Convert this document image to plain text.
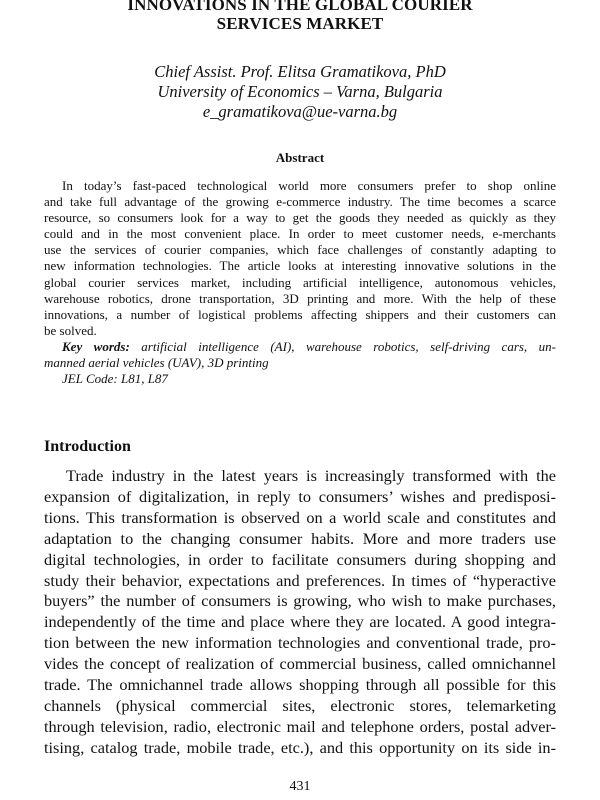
INNOVATIONS IN THE GLOBAL COURIER
SERVICES MARKET
Chief Assist. Prof. Elitsa Gramatikova, PhD
University of Economics – Varna, Bulgaria
e_gramatikova@ue-varna.bg
Abstract
In today’s fast-paced technological world more consumers prefer to shop online
and take full advantage of the growing e-commerce industry. The time becomes a scarce
resource, so consumers look for a way to get the goods they needed as quickly as they
could and in the most convenient place. In order to meet customer needs, e-merchants
use the services of courier companies, which face challenges of constantly adapting to
new information technologies. The article looks at interesting innovative solutions in the
global courier services market, including artificial intelligence, autonomous vehicles,
warehouse robotics, drone transportation, 3D printing and more. With the help of these
innovations, a number of logistical problems affecting shippers and their customers can
be solved.
Key words: artificial intelligence (AI), warehouse robotics, self-driving cars, un-
manned aerial vehicles (UAV), 3D printing
JEL Code: L81, L87
Introduction
Trade industry in the latest years is increasingly transformed with the
expansion of digitalization, in reply to consumers’ wishes and predisposi-
tions. This transformation is observed on a world scale and constitutes and
adaptation to the changing consumer habits. More and more traders use
digital technologies, in order to facilitate consumers during shopping and
study their behavior, expectations and preferences. In times of “hyperactive
buyers” the number of consumers is growing, who wish to make purchases,
independently of the time and place where they are located. A good integra-
tion between the new information technologies and conventional trade, pro-
vides the concept of realization of commercial business, called omnichannel
trade. The omnichannel trade allows shopping through all possible for this
channels (physical commercial sites, electronic stores, telemarketing
through television, radio, electronic mail and telephone orders, postal adver-
tising, catalog trade, mobile trade, etc.), and this opportunity on its side in-
431
